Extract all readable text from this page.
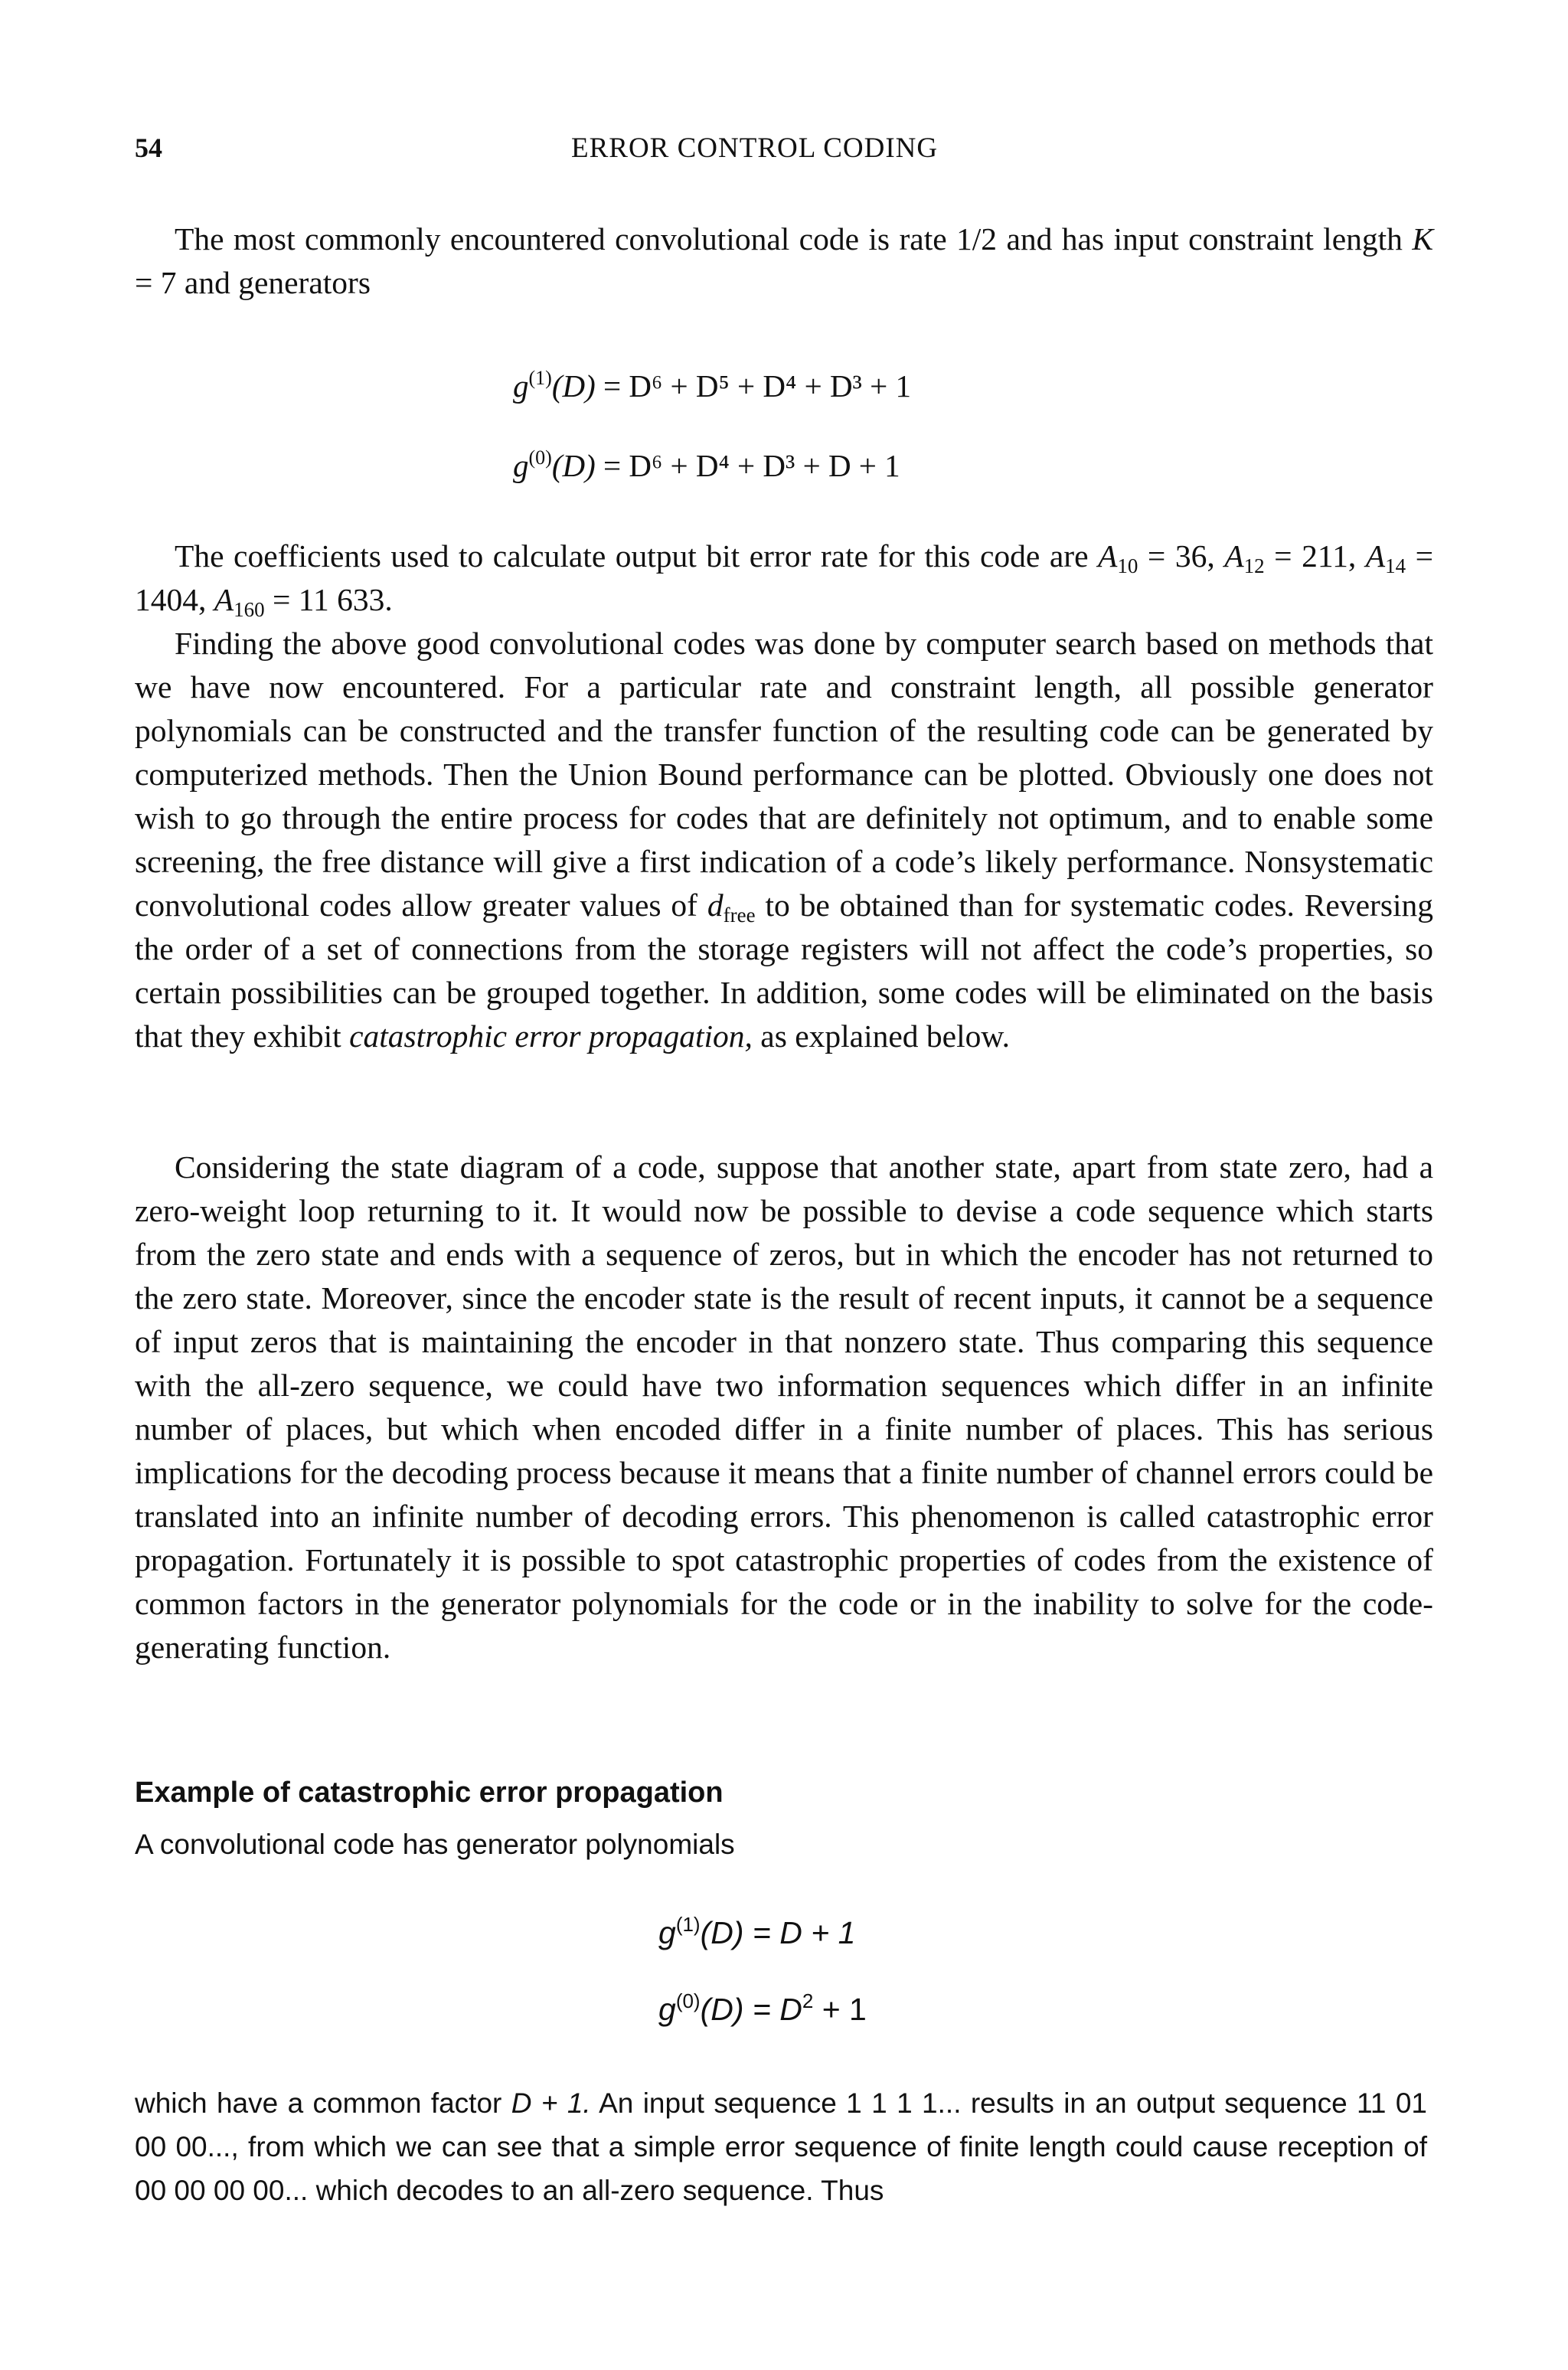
54	ERROR CONTROL CODING

The most commonly encountered convolutional code is rate 1/2 and has input constraint length K = 7 and generators

$g^{(1)}(D) = D^6 + D^5 + D^4 + D^3 + 1$
$g^{(0)}(D) = D^6 + D^4 + D^3 + D + 1$

The coefficients used to calculate output bit error rate for this code are $A_{10} = 36$, $A_{12} = 211$, $A_{14} = 1404$, $A_{160} = 11$ 633.

Finding the above good convolutional codes was done by computer search based on methods that we have now encountered. For a particular rate and constraint length, all possible generator polynomials can be constructed and the transfer function of the resulting code can be generated by computerized methods. Then the Union Bound performance can be plotted. Obviously one does not wish to go through the entire process for codes that are definitely not optimum, and to enable some screening, the free distance will give a first indication of a code’s likely performance. Nonsystematic convolutional codes allow greater values of $d_{free}$ to be obtained than for systematic codes. Reversing the order of a set of connections from the storage registers will not affect the code’s properties, so certain possibilities can be grouped together. In addition, some codes will be eliminated on the basis that they exhibit catastrophic error propagation, as explained below.

Considering the state diagram of a code, suppose that another state, apart from state zero, had a zero-weight loop returning to it. It would now be possible to devise a code sequence which starts from the zero state and ends with a sequence of zeros, but in which the encoder has not returned to the zero state. Moreover, since the encoder state is the result of recent inputs, it cannot be a sequence of input zeros that is maintaining the encoder in that nonzero state. Thus comparing this sequence with the all-zero sequence, we could have two information sequences which differ in an infinite number of places, but which when encoded differ in a finite number of places. This has serious implications for the decoding process because it means that a finite number of channel errors could be translated into an infinite number of decoding errors. This phenomenon is called catastrophic error propagation. Fortunately it is possible to spot catastrophic properties of codes from the existence of common factors in the generator polynomials for the code or in the inability to solve for the code-generating function.

Example of catastrophic error propagation

A convolutional code has generator polynomials

$g^{(1)}(D) = D + 1$
$g^{(0)}(D) = D^2 + 1$

which have a common factor D + 1. An input sequence 1 1 1 1... results in an output sequence 11 01 00 00..., from which we can see that a simple error sequence of finite length could cause reception of 00 00 00 00... which decodes to an all-zero sequence. Thus
